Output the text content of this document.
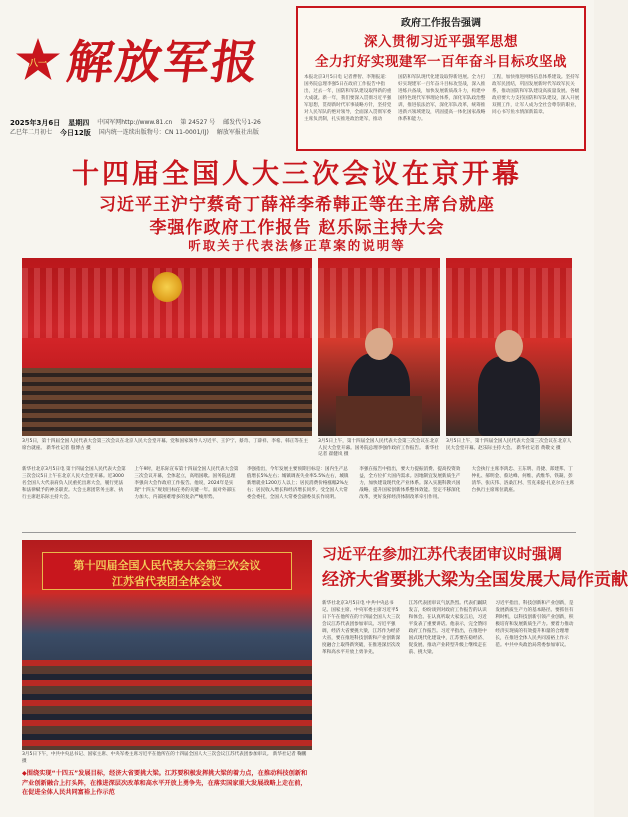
八一 解放军报
2025年3月6日 星期四 中国军网http://www.81.cn 第 24527 号 邮发代号1-26
乙巳年二月初七 今日12版 国内统一连续出版物号：CN 11-0001/(J) 解放军报社出版
政府工作报告强调
深入贯彻习近平强军思想
全力打好实现建军一百年奋斗目标攻坚战
本报北京3月5日电 记者曹智、李翔报道：国务院总理李强5日在政府工作报告中指出，过去一年，国防和军队建设取得新的重大成就。新一年，我们要深入贯彻习近平强军思想，贯彻新时代军事战略方针，坚持党对人民军队的绝对领导，全面深入贯彻军委主席负责制，扎实推进政治建军，推动
国防和军队现代化建设取得新进展。全力打好实现建军一百年奋斗目标攻坚战，深入推进练兵备战，加快发展新质战斗力，构建中国特色现代军事理论体系，深化军队政治整训，推进依法治军，深化军队改革，统筹推进新兴领域建设，巩固提高一体化国家战略体系和能力。
工程，加快推进网络信息体系建设。坚持军政军民团结，巩固发展新时代军政军民关系，推动国防和军队建设高质量发展。各级政府要大力支持国防和军队建设，深入开展双拥工作，让军人成为全社会尊崇的职业，同心书写鱼水情深新篇章。
十四届全国人大三次会议在京开幕
习近平王沪宁蔡奇丁薛祥李希韩正等在主席台就座
李强作政府工作报告 赵乐际主持大会
听取关于代表法修正草案的说明等
3月5日，第十四届全国人民代表大会第三次会议在北京人民大会堂开幕。党和国家领导人习近平、王沪宁、蔡奇、丁薛祥、李希、韩正等在主席台就座。 新华社记者 殷博古 摄
3月5日上午，第十四届全国人民代表大会第三次会议在北京人民大会堂开幕。国务院总理李强作政府工作报告。 新华社记者 翟健岚 摄
3月5日上午，第十四届全国人民代表大会第三次会议在北京人民大会堂开幕。赵乐际主持大会。 新华社记者 黄敬文 摄
新华社北京3月5日电 第十四届全国人民代表大会第三次会议5日上午在北京人民大会堂开幕。近3000名全国人大代表肩负人民重托出席大会，履行宪法和法律赋予的神圣职责。大会主席团常务主席、执行主席赵乐际主持大会。
上午9时，赵乐际宣布第十四届全国人民代表大会第三次会议开幕，全体起立，高唱国歌。国务院总理李强向大会作政府工作报告。他说，2024年是实现“十四五”规划目标任务的关键一年。面对外部压力加大、内部困难增多的复杂严峻形势。
李强指出，今年发展主要预期目标是：国内生产总值增长5%左右；城镇调查失业率5.5%左右，城镇新增就业1200万人以上；居民消费价格涨幅2%左右；居民收入增长和经济增长同步。受全国人大常委会委托，全国人大常委会副委员长作说明。
李强在报告中指出，要大力提振消费、提高投资效益，全方位扩大国内需求。因地制宜发展新质生产力，加快建设现代化产业体系。深入实施科教兴国战略，提升国家创新体系整体效能。坚定不移深化改革，更好发挥经济体制改革牵引作用。
大会执行主席李鸿忠、王东明、肖捷、郑建邦、丁仲礼、郝明金、蔡达峰、何维、武维华、铁凝、彭清华、张庆伟、洛桑江村、雪克来提·扎克尔在主席台执行主席席位就座。
第十四届全国人民代表大会第三次会议
江苏省代表团全体会议
3月5日下午，中共中央总书记、国家主席、中央军委主席习近平在他所在的十四届全国人大三次会议江苏代表团参加审议。 新华社记者 鞠鹏 摄
习近平在参加江苏代表团审议时强调
经济大省要挑大梁为全国发展大局作贡献
新华社北京3月5日电 中共中央总书记、国家主席、中央军委主席习近平5日下午在他所在的十四届全国人大三次会议江苏代表团参加审议。习近平强调，经济大省要挑大梁，江苏作为经济大省，要在推进科技创新和产业创新深度融合上取得新突破，在推进深层次改革和高水平开放上勇争先。
江苏代表团审议气氛热烈。代表们踊跃发言，纷纷谈到对政府工作报告的认识和体会。在认真听取大家发言后，习近平发表了重要讲话。他表示，完全赞同政府工作报告。习近平指出，在推进中国式现代化建设中，江苏要在稳经济、促发展、推动产业转型升级上继续走在前、挑大梁。
习近平指出，科技创新和产业创新，是发展新质生产力的基本路径。要抓住有利时机，以科技创新引领产业创新，积极培育和发展新质生产力。要着力推动经济实现质的有效提升和量的合理增长，在推进全体人民共同富裕上作示范。中共中央政治局常委参加审议。
◆围绕实现“十四五”发展目标，经济大省要挑大梁。江苏要积极发挥挑大梁的着力点，在推动科技创新和产业创新融合上打头阵，在推进深层次改革和高水平开放上勇争先，在落实国家重大发展战略上走在前，在促进全体人民共同富裕上作示范
